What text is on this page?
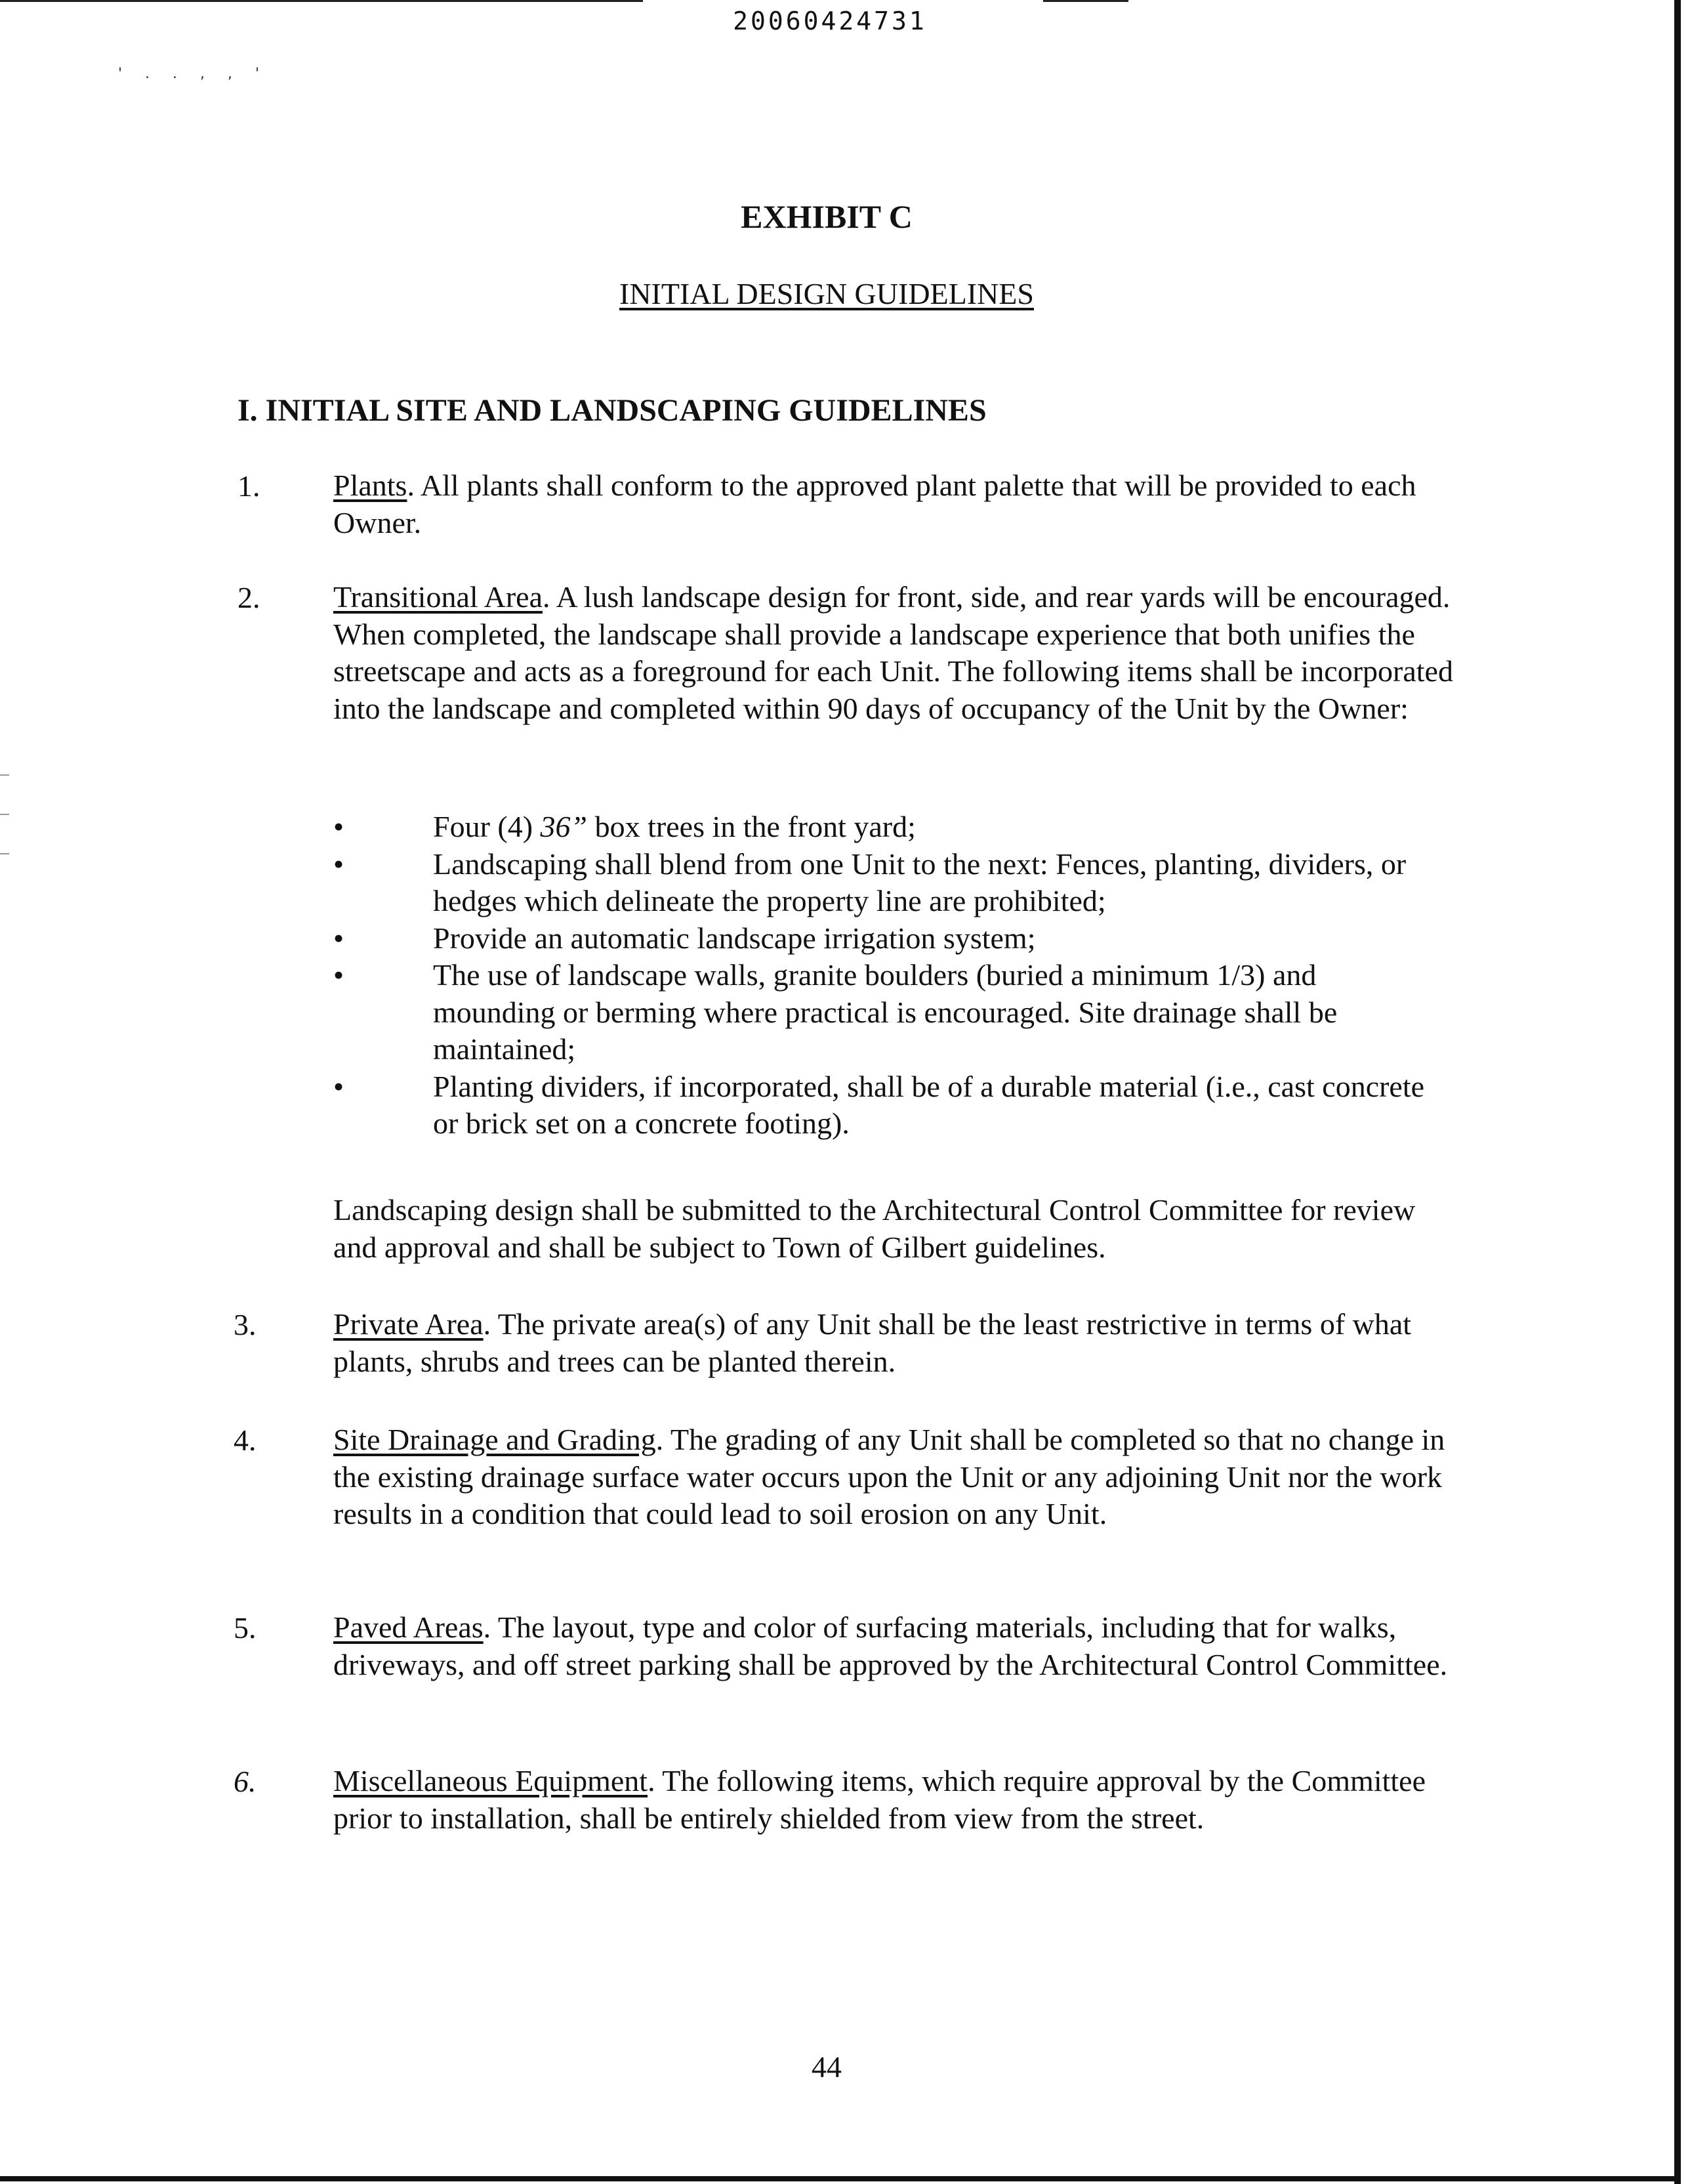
20060424731
' . . , , '
EXHIBIT C
INITIAL DESIGN GUIDELINES
I. INITIAL SITE AND LANDSCAPING GUIDELINES
1. Plants. All plants shall conform to the approved plant palette that will be provided to each Owner.
2. Transitional Area. A lush landscape design for front, side, and rear yards will be encouraged. When completed, the landscape shall provide a landscape experience that both unifies the streetscape and acts as a foreground for each Unit. The following items shall be incorporated into the landscape and completed within 90 days of occupancy of the Unit by the Owner:
•	Four (4) 36” box trees in the front yard;
•	Landscaping shall blend from one Unit to the next: Fences, planting, dividers, or hedges which delineate the property line are prohibited;
•	Provide an automatic landscape irrigation system;
•	The use of landscape walls, granite boulders (buried a minimum 1/3) and mounding or berming where practical is encouraged. Site drainage shall be maintained;
•	Planting dividers, if incorporated, shall be of a durable material (i.e., cast concrete or brick set on a concrete footing).
Landscaping design shall be submitted to the Architectural Control Committee for review and approval and shall be subject to Town of Gilbert guidelines.
3.	Private Area. The private area(s) of any Unit shall be the least restrictive in terms of what plants, shrubs and trees can be planted therein.
4.	Site Drainage and Grading. The grading of any Unit shall be completed so that no change in the existing drainage surface water occurs upon the Unit or any adjoining Unit nor the work results in a condition that could lead to soil erosion on any Unit.
5.	Paved Areas. The layout, type and color of surfacing materials, including that for walks, driveways, and off street parking shall be approved by the Architectural Control Committee.
6.	Miscellaneous Equipment. The following items, which require approval by the Committee prior to installation, shall be entirely shielded from view from the street.
44
